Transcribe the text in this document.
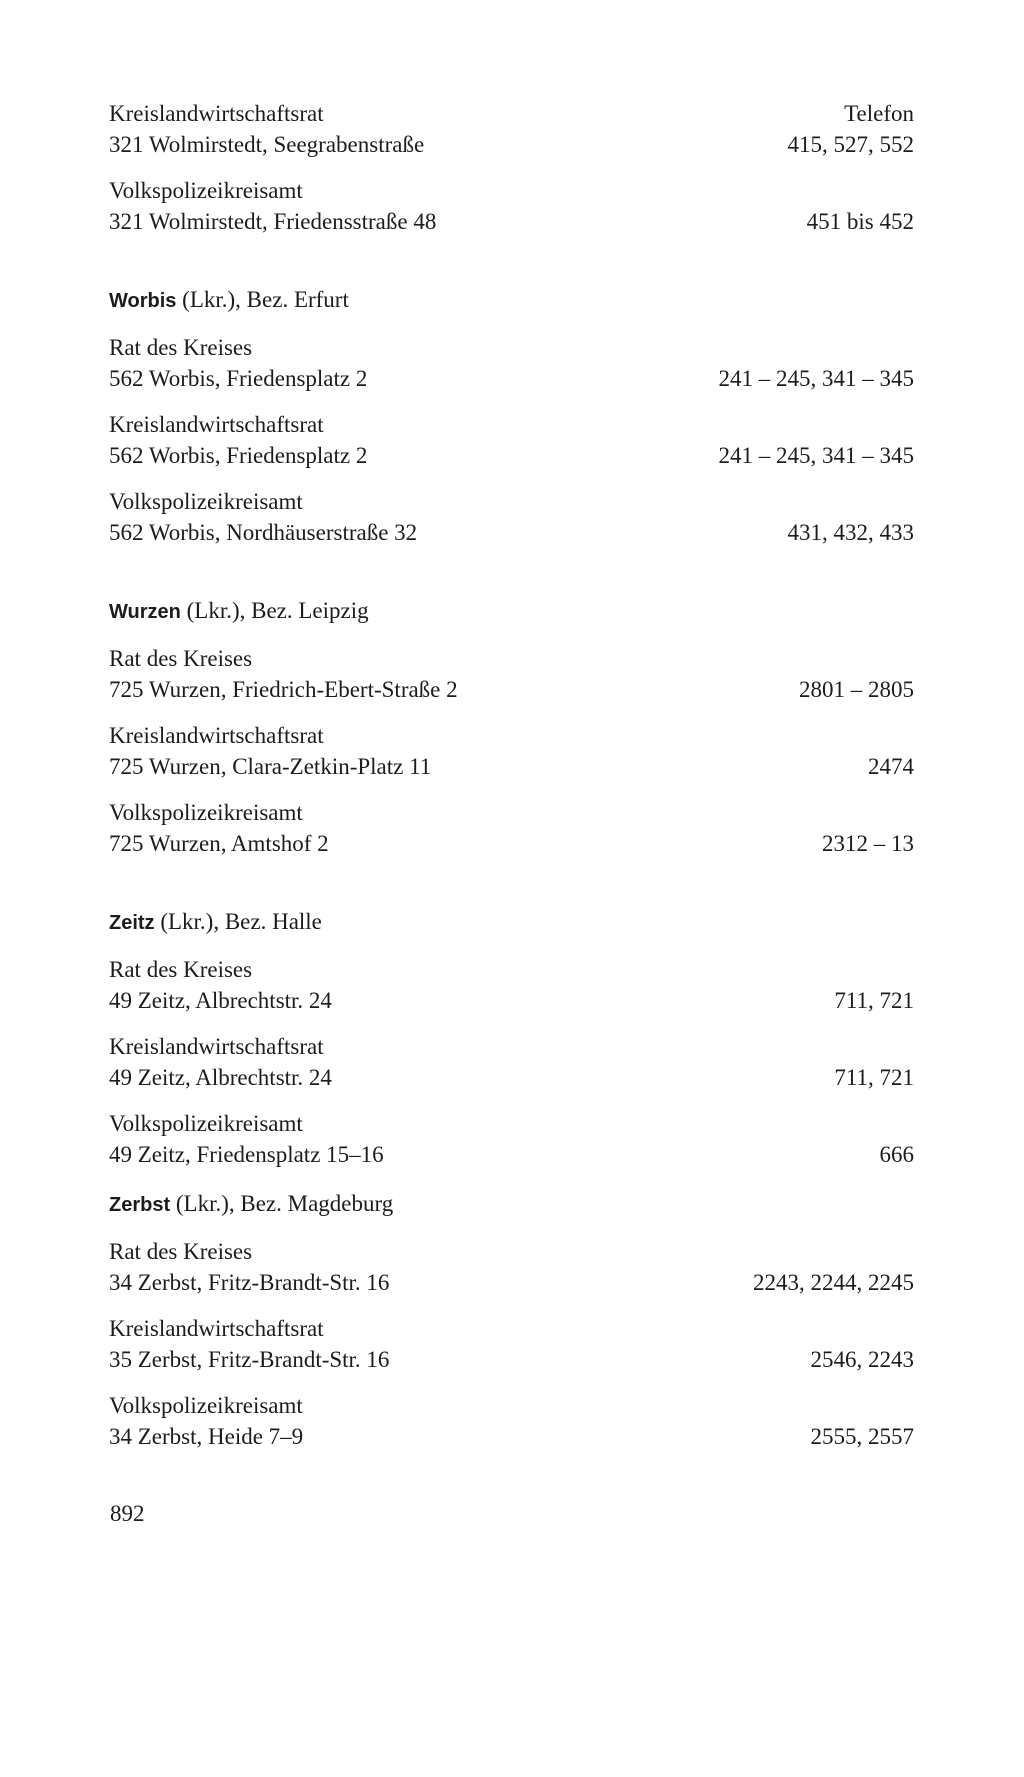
Kreislandwirtschaftsrat	Telefon
321 Wolmirstedt, Seegrabenstraße	415, 527, 552
Volkspolizeikreisamt
321 Wolmirstedt, Friedensstraße 48	451 bis 452
Worbis (Lkr.), Bez. Erfurt
Rat des Kreises
562 Worbis, Friedensplatz 2	241 – 245, 341 – 345
Kreislandwirtschaftsrat
562 Worbis, Friedensplatz 2	241 – 245, 341 – 345
Volkspolizeikreisamt
562 Worbis, Nordhäuserstraße 32	431, 432, 433
Wurzen (Lkr.), Bez. Leipzig
Rat des Kreises
725 Wurzen, Friedrich-Ebert-Straße 2	2801 – 2805
Kreislandwirtschaftsrat
725 Wurzen, Clara-Zetkin-Platz 11	2474
Volkspolizeikreisamt
725 Wurzen, Amtshof 2	2312 – 13
Zeitz (Lkr.), Bez. Halle
Rat des Kreises
49 Zeitz, Albrechtstr. 24	711, 721
Kreislandwirtschaftsrat
49 Zeitz, Albrechtstr. 24	711, 721
Volkspolizeikreisamt
49 Zeitz, Friedensplatz 15–16	666
Zerbst (Lkr.), Bez. Magdeburg
Rat des Kreises
34 Zerbst, Fritz-Brandt-Str. 16	2243, 2244, 2245
Kreislandwirtschaftsrat
35 Zerbst, Fritz-Brandt-Str. 16	2546, 2243
Volkspolizeikreisamt
34 Zerbst, Heide 7–9	2555, 2557
892
